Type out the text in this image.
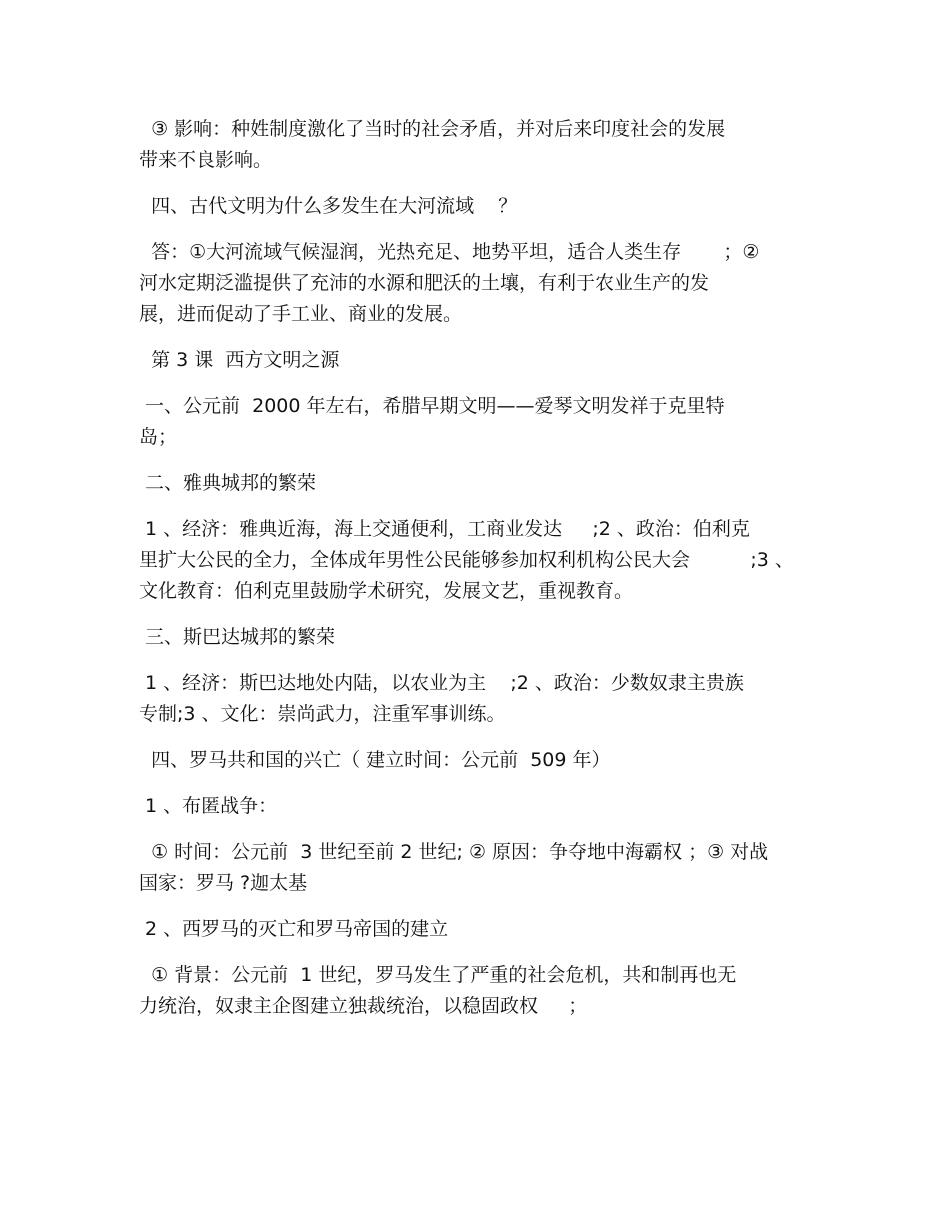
③ 影响：种姓制度激化了当时的社会矛盾，并对后来印度社会的发展
带来不良影响。

四、古代文明为什么多发生在大河流域    ？

答：①大河流域气候湿润，光热充足、地势平坦，适合人类生存       ；②
河水定期泛滥提供了充沛的水源和肥沃的土壤，有利于农业生产的发
展，进而促动了手工业、商业的发展。

第 3 课  西方文明之源

一、公元前  2000 年左右，希腊早期文明——爱琴文明发祥于克里特
岛；

二、雅典城邦的繁荣

1 、经济：雅典近海，海上交通便利，工商业发达     ;2 、政治：伯利克
里扩大公民的全力，全体成年男性公民能够参加权利机构公民大会          ;3 、
文化教育：伯利克里鼓励学术研究，发展文艺，重视教育。

三、斯巴达城邦的繁荣

1 、经济：斯巴达地处内陆，以农业为主    ;2 、政治：少数奴隶主贵族
专制;3 、文化：崇尚武力，注重军事训练。

四、罗马共和国的兴亡（ 建立时间：公元前  509 年）

1 、布匿战争：

① 时间：公元前  3 世纪至前 2 世纪; ② 原因：争夺地中海霸权 ；③ 对战
国家：罗马 ?迦太基

2 、西罗马的灭亡和罗马帝国的建立

① 背景：公元前  1 世纪，罗马发生了严重的社会危机，共和制再也无
力统治，奴隶主企图建立独裁统治，以稳固政权     ；
